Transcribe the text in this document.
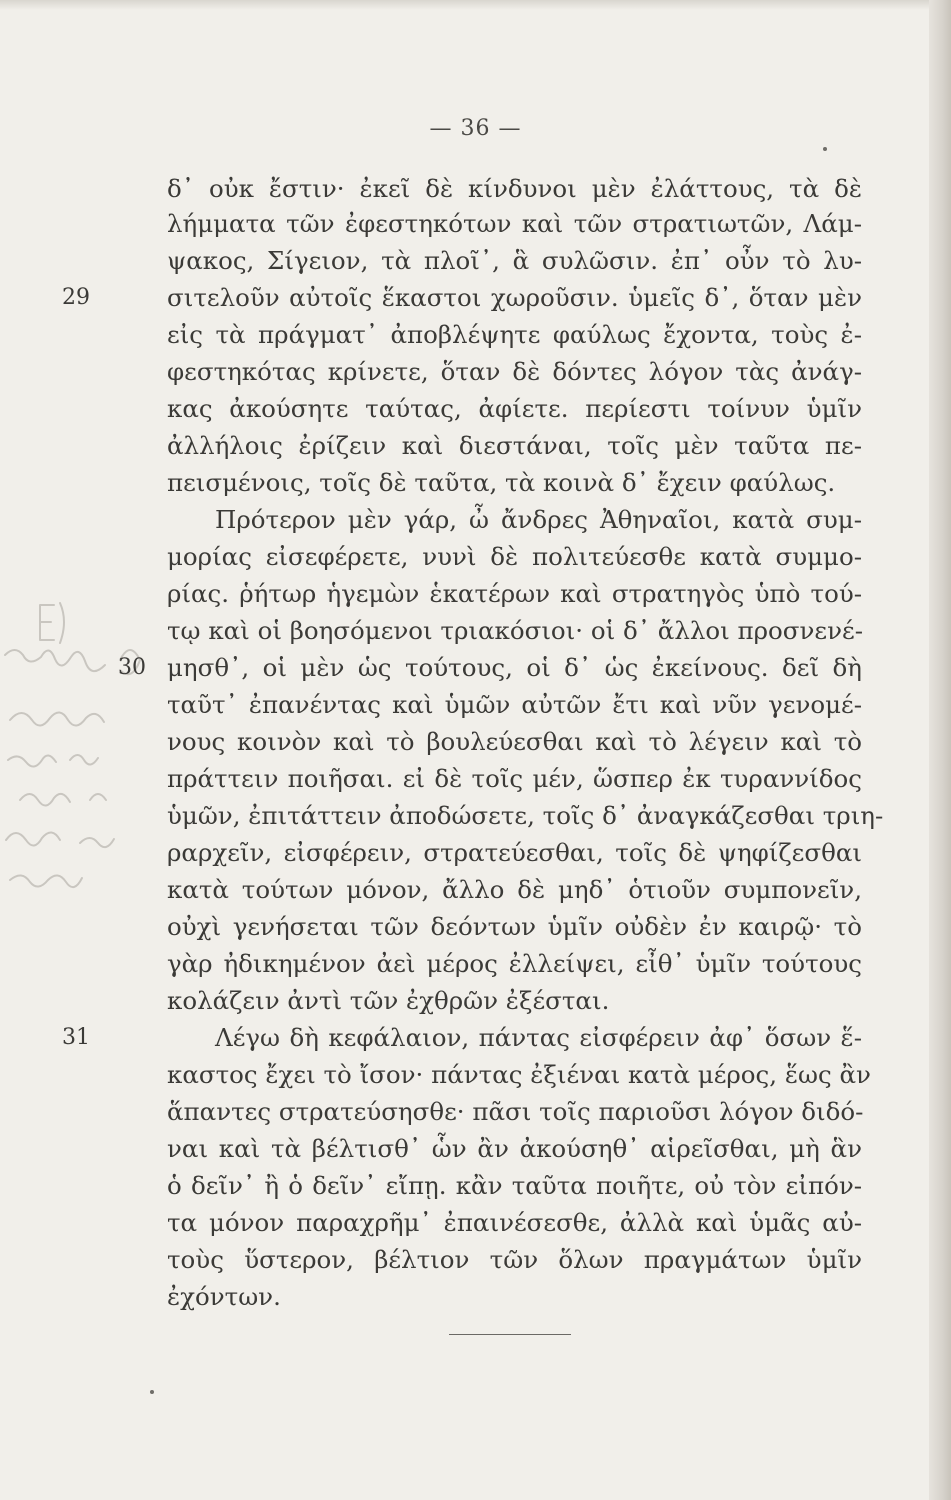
— 36 —
δ᾽ οὐκ ἔστιν· ἐκεῖ δὲ κίνδυνοι μὲν ἐλάττους, τὰ δὲ
λήμματα τῶν ἐφεστηκότων καὶ τῶν στρατιωτῶν, Λάμ-
ψακος, Σίγειον, τὰ πλοῖ᾽, ἃ συλῶσιν. ἐπ᾽ οὖν τὸ λυ-
σιτελοῦν αὐτοῖς ἕκαστοι χωροῦσιν. ὑμεῖς δ᾽, ὅταν μὲν
εἰς τὰ πράγματ᾽ ἀποβλέψητε φαύλως ἔχοντα, τοὺς ἐ-
φεστηκότας κρίνετε, ὅταν δὲ δόντες λόγον τὰς ἀνάγ-
κας ἀκούσητε ταύτας, ἀφίετε. περίεστι τοίνυν ὑμῖν
ἀλλήλοις ἐρίζειν καὶ διεστάναι, τοῖς μὲν ταῦτα πε-
πεισμένοις, τοῖς δὲ ταῦτα, τὰ κοινὰ δ᾽ ἔχειν φαύλως.
Πρότερον μὲν γάρ, ὦ ἄνδρες Ἀθηναῖοι, κατὰ συμ-
μορίας εἰσεφέρετε, νυνὶ δὲ πολιτεύεσθε κατὰ συμμο-
ρίας. ῥήτωρ ἡγεμὼν ἑκατέρων καὶ στρατηγὸς ὑπὸ τού-
τῳ καὶ οἱ βοησόμενοι τριακόσιοι· οἱ δ᾽ ἄλλοι προσνενέ-
μησθ᾽, οἱ μὲν ὡς τούτους, οἱ δ᾽ ὡς ἐκείνους. δεῖ δὴ
ταῦτ᾽ ἐπανέντας καὶ ὑμῶν αὐτῶν ἔτι καὶ νῦν γενομέ-
νους κοινὸν καὶ τὸ βουλεύεσθαι καὶ τὸ λέγειν καὶ τὸ
πράττειν ποιῆσαι. εἰ δὲ τοῖς μέν, ὥσπερ ἐκ τυραννίδος
ὑμῶν, ἐπιτάττειν ἀποδώσετε, τοῖς δ᾽ ἀναγκάζεσθαι τριη-
ραρχεῖν, εἰσφέρειν, στρατεύεσθαι, τοῖς δὲ ψηφίζεσθαι
κατὰ τούτων μόνον, ἄλλο δὲ μηδ᾽ ὁτιοῦν συμπονεῖν,
οὐχὶ γενήσεται τῶν δεόντων ὑμῖν οὐδὲν ἐν καιρῷ· τὸ
γὰρ ἠδικημένον ἀεὶ μέρος ἐλλείψει, εἶθ᾽ ὑμῖν τούτους
κολάζειν ἀντὶ τῶν ἐχθρῶν ἐξέσται.
Λέγω δὴ κεφάλαιον, πάντας εἰσφέρειν ἀφ᾽ ὅσων ἕ-
καστος ἔχει τὸ ἴσον· πάντας ἐξιέναι κατὰ μέρος, ἕως ἂν
ἅπαντες στρατεύσησθε· πᾶσι τοῖς παριοῦσι λόγον διδό-
ναι καὶ τὰ βέλτισθ᾽ ὧν ἂν ἀκούσηθ᾽ αἱρεῖσθαι, μὴ ἃν
ὁ δεῖν᾽ ἢ ὁ δεῖν᾽ εἴπῃ. κἂν ταῦτα ποιῆτε, οὐ τὸν εἰπόν-
τα μόνον παραχρῆμ᾽ ἐπαινέσεσθε, ἀλλὰ καὶ ὑμᾶς αὐ-
τοὺς ὕστερον, βέλτιον τῶν ὅλων πραγμάτων ὑμῖν
ἐχόντων.
29
30
31
